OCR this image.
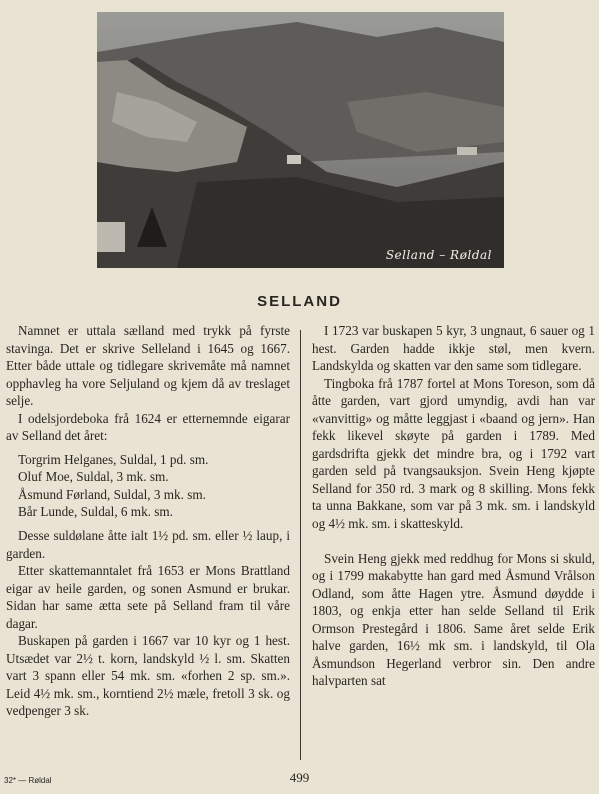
Selland – Røldal
SELLAND

Namnet er uttala sælland med trykk på fyrste stavinga. Det er skrive Selleland i 1645 og 1667. Etter både uttale og tidlegare skrivemåte må namnet opphavleg ha vore Seljuland og kjem då av treslaget selje.

I odelsjordeboka frå 1624 er etternemnde eigarar av Selland det året:

Torgrim Helganes, Suldal, 1 pd. sm.
Oluf Moe, Suldal, 3 mk. sm.
Åsmund Førland, Suldal, 3 mk. sm.
Bår Lunde, Suldal, 6 mk. sm.

Desse suldølane åtte ialt 1½ pd. sm. eller ½ laup, i garden.

Etter skattemanntalet frå 1653 er Mons Brattland eigar av heile garden, og sonen Asmund er brukar. Sidan har same ætta sete på Selland fram til våre dagar.

Buskapen på garden i 1667 var 10 kyr og 1 hest. Utsædet var 2½ t. korn, landskyld ½ l. sm. Skatten vart 3 spann eller 54 mk. sm. «forhen 2 sp. sm.». Leid 4½ mk. sm., korntiend 2½ mæle, fretoll 3 sk. og vedpenger 3 sk.

I 1723 var buskapen 5 kyr, 3 ungnaut, 6 sauer og 1 hest. Garden hadde ikkje støl, men kvern. Landskylda og skatten var den same som tidlegare.

Tingboka frå 1787 fortel at Mons Toreson, som då åtte garden, vart gjord umyndig, avdi han var «vanvittig» og måtte leggjast i «baand og jern». Han fekk likevel skøyte på garden i 1789. Med gardsdrifta gjekk det mindre bra, og i 1792 vart garden seld på tvangsauksjon. Svein Heng kjøpte Selland for 350 rd. 3 mark og 8 skilling. Mons fekk ta unna Bakkane, som var på 3 mk. sm. i landskyld og 4½ mk. sm. i skatteskyld.

Svein Heng gjekk med reddhug for Mons si skuld, og i 1799 makabytte han gard med Åsmund Vrålson Odland, som åtte Hagen ytre. Åsmund døydde i 1803, og enkja etter han selde Selland til Erik Ormson Prestegård i 1806. Same året selde Erik halve garden, 16½ mk sm. i landskyld, til Ola Åsmundson Hegerland verbror sin. Den andre halvparten sat

32* — Røldal	499
